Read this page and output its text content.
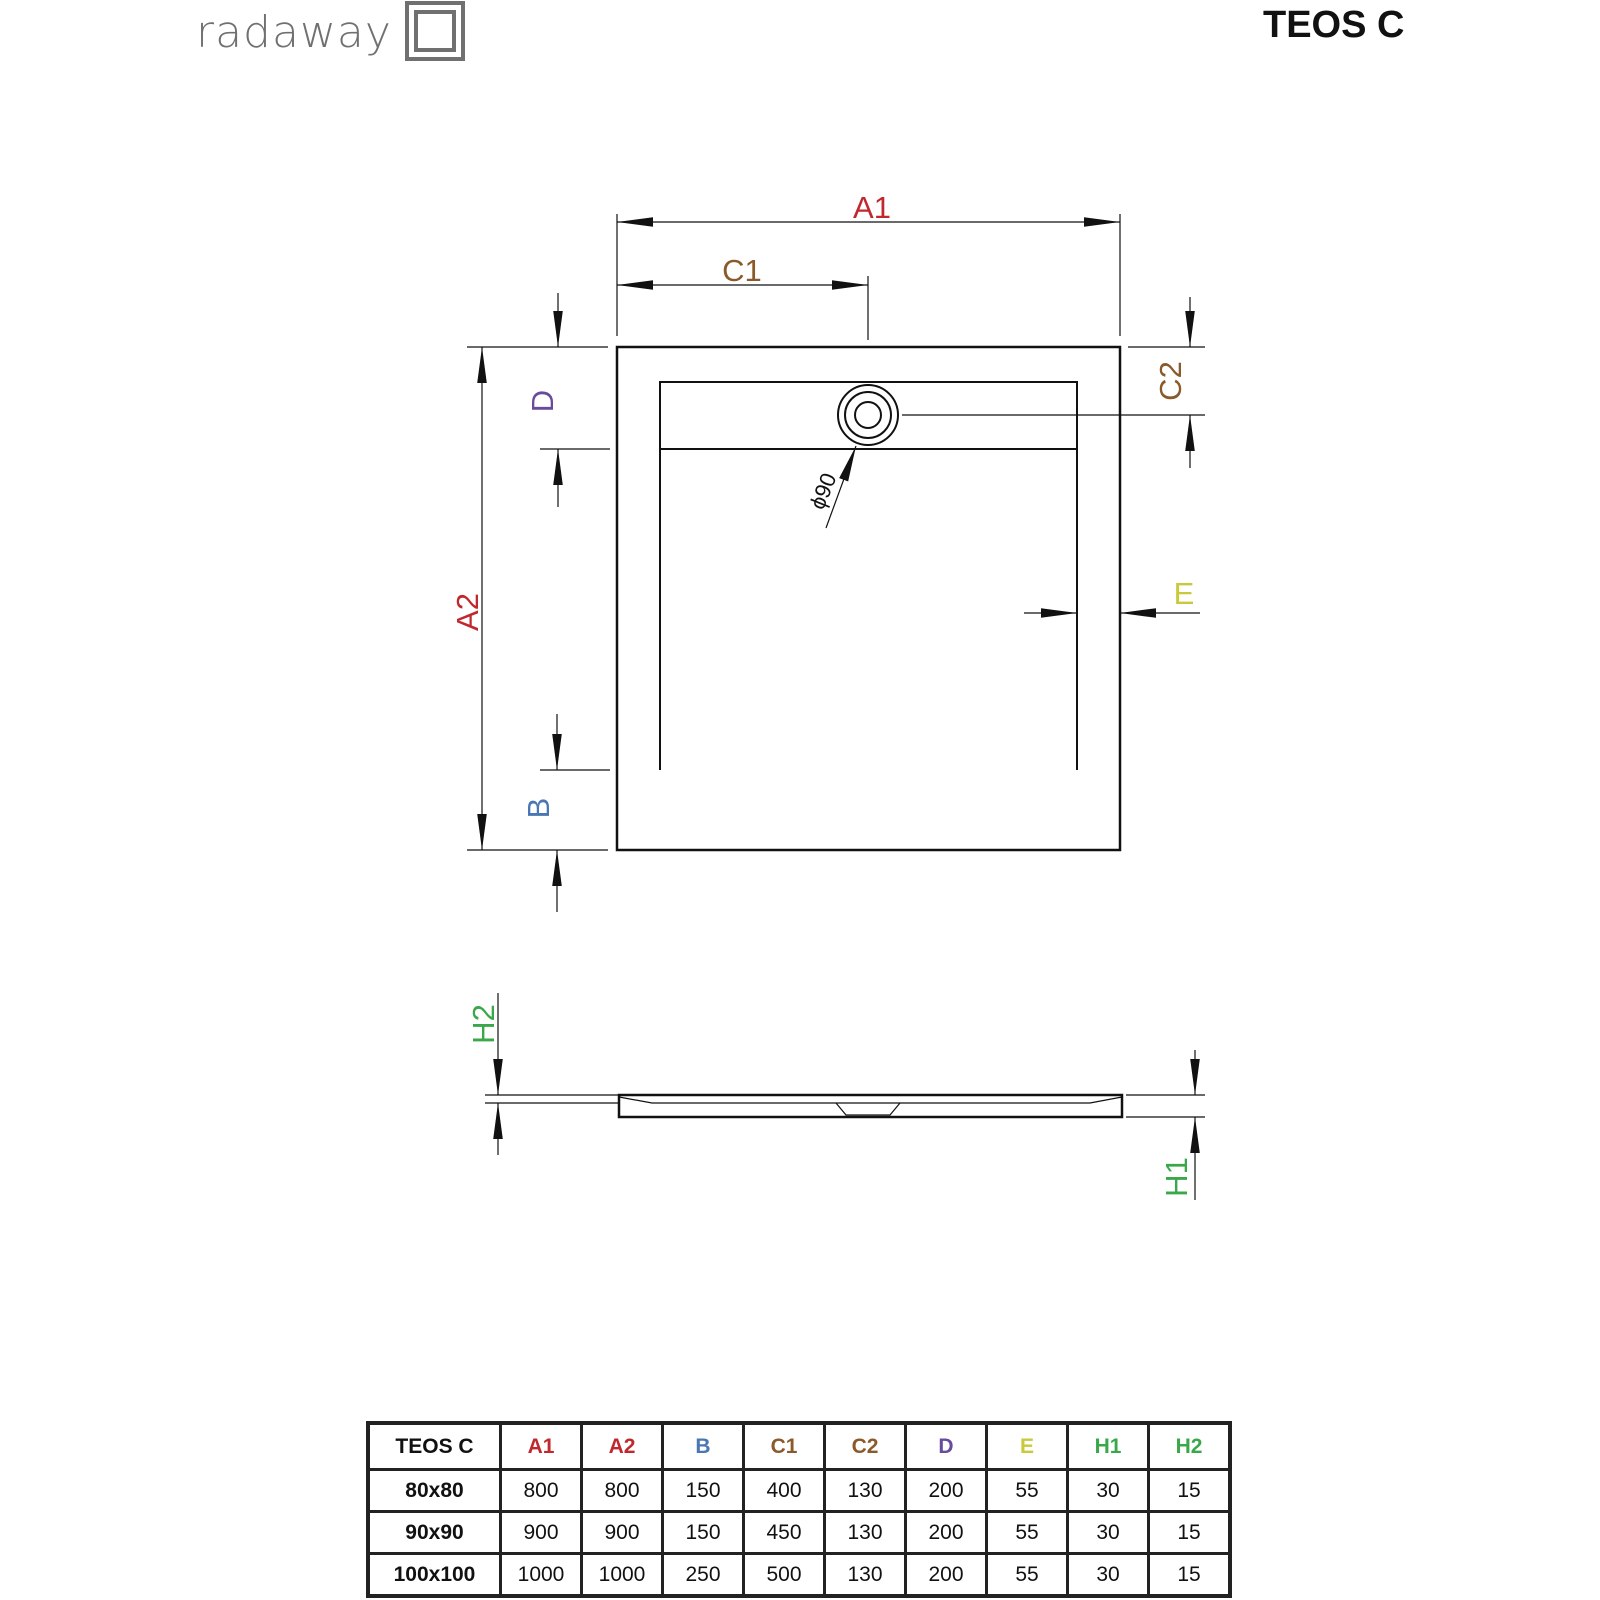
radaway	TEOS C
A1
C1
A2
D
B
C2
E
H2
H1
ϕ90
TEOS C	A1	A2	B	C1	C2	D	E	H1	H2
80x80	800	800	150	400	130	200	55	30	15
90x90	900	900	150	450	130	200	55	30	15
100x100	1000	1000	250	500	130	200	55	30	15
